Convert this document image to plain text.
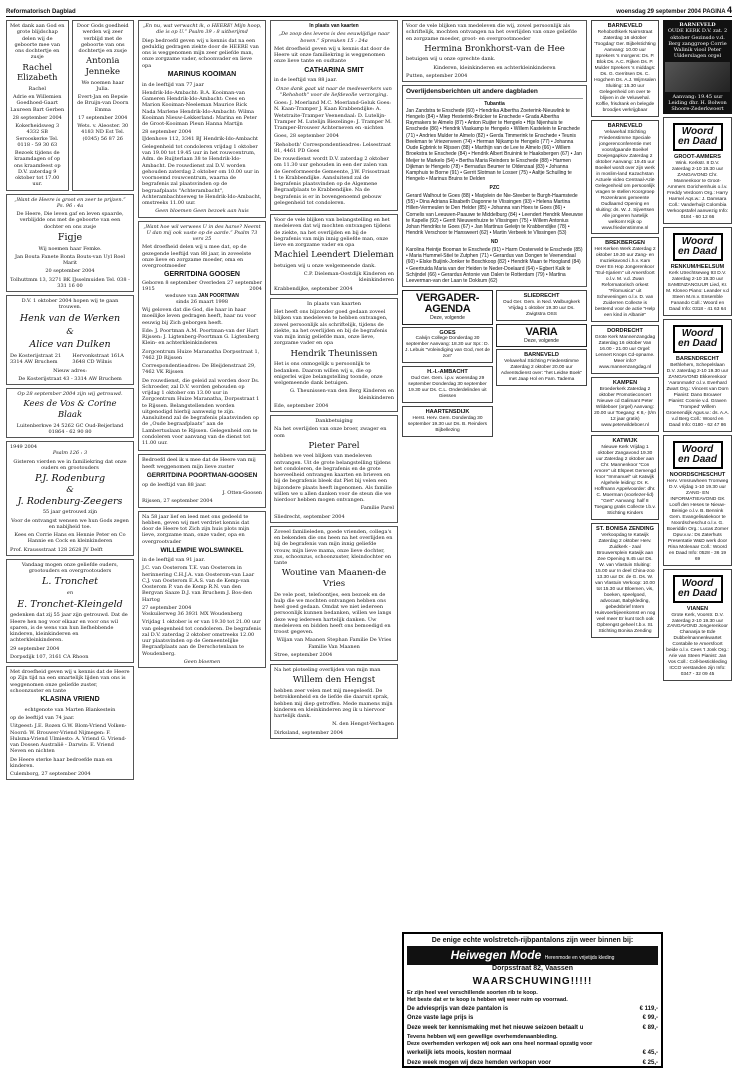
Reformatorisch Dagblad	woensdag 29 september 2004 PAGINA 4
Met dank aan God en grote blijdschap delen wij de geboorte mee van ons dochtertje en zusje
Rachel Elizabeth
Rachel
Adrie en Willemien Goedhoed-Gaart Laureen Bart Gerben
28 september 2004
Kokerheidsweg 3 4332 SB Serooskerke Tel. 0118 - 59 30 63
Bezoek tijdens de kraamdagen of op ons kraamfeest op D.V. zaterdag 9 oktober tot 17.00 uur.
Door Gods goedheid werden wij zeer verblijd met de geboorte van ons dochtertje en zusje
Antonia Jenneke
We noemen haar Julia.
Evert-Jan en Bepsie de Bruijn-van Doorn Emma
17 september 2004
Wets. v. Aleoster. 30 4183 ND Est Tel. (0345) 56 87 26
„Want de Heere is groot en zeer te prijzen.” Ps. 96 : 4a
De Heere, Die leven gaf en leven spaarde, verblijdde ons met de geboorte van een dochter en ons zusje
Figje
Wij noemen haar Femke.
Jan Bouta Fanete Bonta Bouts-van Uyl Roel Marit
20 september 2004
Tolhuttmm 13, 3271 BK IJsselmuiden Tel. 038 - 331 16 00
D.V. 1 oktober 2004 hopen wij te gaan trouwen.
Henk van de Werken
&
Alice van Dulken
De Kosterijstraat 21 3314 AW Bruchem
Hervonkstraat 161A 3648 CD Wilnis
Nieuw adres:
De Kosterijstraat 43 - 3314 AW Bruchem
Op 28 september 2004 zijn wij getrouwd.
Kees de Vos & Corine Blaak
Luitenberkwe 24 5262 GC Oud-Beijerland 01864 - 62 90 80
1949 2004
Psalm 126 : 3
Gisteren vierden we in familiekring dat onze ouders en grootouders
P.J. Rodenburg
&
J. Rodenburg-Zeegers
55 jaar getrouwd zijn
Voor de ontvangst wensen we hun Gods zegen en nabijheid toe.
Kees en Corrie Hans en Hennie Peter en Co Hannie en Cock en kleinkinderen
Prof. Kraussstraat 128 2628 JV Delft
Vandaag mogen onze geliefde ouders, grootouders en overgrootouders
L. Tronchet
en
E. Tronchet-Kleingeld
gedenken dat zij 55 jaar zijn getrouwd. Dat de Heere hen nog voor elkaar en voor ons wil sparen, is de wens van hun liefhebbende kinderen, kleinkinderen en achterkleinkinderen.
29 september 2004
Dorpsdijk 107, 3161 CA Rhoon
Met droefheid geven wij u kennis dat de Heere op Zijn tijd na een smartelijk lijden van ons is weggenomen onze geliefde zuster, schoonzuster en tante
KLASINA VRIEND
echtgenote van Marten Blankestein
op de leeftijd van 74 jaar.
Uitgeest: J.E. Rozen G.W. Blom-Vriend Volken-Noord: W. Brouwer-Vriend Nijmegen: F. Hulsma-Vriend Ulmiesto: A. Vriend G. Vriend-van Dossen Australië - Darwin: E. Vriend Neven en nichten
De Heere sterke haar bedroefde man en kinderen.
Culemborg, 27 september 2004
„En nu, wat verwacht ik, o HEERE! Mijn hoop, die is op U.” Psalm 39 : 8 uitberijmd
Diep bedroefd geven wij u kennis dat na een geduldig gedragen ziekte door de HEERE van ons is weggenomen mijn zeer geliefde man, onze zorgzame vader, schoonvader en lieve opa
MARINUS KOOIMAN
in de leeftijd van 77 jaar
Hendrik-Ido-Ambacht: B.A. Kooiman-van Gameren Hendrik-Ido-Ambacht: Cees en Marion Kooiman-Neeleman Maurice Rick Nada Marlene Hendrik-Ido-Ambacht: Wilma Kooiman Nieuw-Lekkerland: Marina en Peter de Groot-Kooiman Pleun Hanna Martijn
28 september 2004
IJdenhove 112, 3341 BJ Hendrik-Ido-Ambacht
Gelegenheid tot condoleren vrijdag 1 oktober van 19.00 tot 19.45 uur in het rouwcentrum, Adm. de Ruijterlaan 38 te Hendrik-Ido-Ambacht. De rouwdienst zal D.V. worden gehouden zaterdag 2 oktober om 10.00 uur in voornoemd rouwcentrum, waarna de begrafenis zal plaatsvinden op de begraafplaats "Achterambacht", Achterambachtseweg te Hendrik-Ido-Ambacht, omstreeks 11.00 uur.
Geen bloemen Geen bezoek aan huis
„Want hoe wil verwees U in des harse? Neemt U dan mij ook vaste op de aarde.” Psalm 73 vers 25
Met droefheid delen wij u mee dat, op de gezegende leeftijd van 88 jaar, in zoveelste onze lieve en zorgzame moeder, oma en overgrootmoeder
GERRITDINA GOOSEN
Geboren 8 september 1915
Overleden 27 september 2004
weduwe van JAN POORTMAN
sinds 26 maart 1998
Wij geloven dat die God, die haar in haar moeilijke leven gedragen heeft, haar nu voor eeuwig bij Zich geborgen heeft.
Ede: J. Poortman A.M. Poortman-van der Hart Rijssen: J. Ligtenberg-Poortman G. Ligtenberg Klein- en achterkleinkinderen
Zorgcentrum Huize Maranatha Dorpsstraat 1, 7462 JD Rijssen
Correspondentieadres: De Bleijdenstraat 29, 7462 VK Rijssen
De rouwdienst, die geleid zal worden door Ds. Schroeder, zal D.V. worden gehouden op vrijdag 1 oktober om 13.00 uur in Zorgcentrum Huize Maranatha, Dorpsstraat 1 te Rijssen. Belangstellenden worden uitgenodigd hierbij aanwezig te zijn. Aansluitend zal de begrafenis plaatsvinden op de „Oude begraafplaats” aan de Lambertuslaan te Rijssen. Gelegenheid om te condoleren voor aanvang van de dienst tot 11.00 uur.
Bedroefd deel ik u mee dat de Heere van mij heeft weggenomen mijn lieve zuster
GERRITDINA POORTMAN-GOOSEN
op de leeftijd van 88 jaar.
J. Otten-Goosen
Rijssen, 27 september 2004
Na 58 jaar lief en leed met ons gedeeld te hebben, geven wij met verdriet kennis dat door de Heere tot Zich zijn huis plots mijn lieve, zorgzame man, onze vader, opa en overgrootvader
WILLEMPIE WOLSWINKEL
in de leeftijd van 91 jaar.
J.C. van Oosterom T.E. van Oosterom in herinnering C.H.J.A. van Oosterom-van Laar C.J. van Oosterom E.A.S. van de Kemp-van Oosterom P. van de Kemp R.N. van den Bergvan Saaze D.J. van Bruchem J. Bos-den Hartog
27 september 2004
Voskuilerweg 36 3931 MX Woudenberg
Vrijdag 1 oktober is er van 19.30 tot 21.00 uur van gelegenheid tot condoleren. De begrafenis zal D.V. zaterdag 2 oktober omstreeks 12.00 uur plaatsvinden op de Gemeentelijke Begraafplaats aan de Derschotenlaan te Woudenberg.
Geen bloemen
In plaats van kaarten
„De zoop des levens is des eeuwlijdige naar boven.” Spreuken 15 : 24a
Met droefheid geven wij u kennis dat door de Heere uit onze familiekring is weggenomen onze lieve tante en oudtante
CATHARINA SMIT
in de leeftijd van 88 jaar.
Onze dank gaat uit naar de medewerkers van "Rehoboth" voor de liefdevolle verzorging.
Goes: J. Moerland M.C. Moerland-Geluk Goes: N. Kaan-Tramper J. Kaan Krabbendijke: A. Wetstraite-Tramper Veenendaal: D. Lutelijn-Tramper M. Lutelijn Biezelinge: J. Tramper M. Tramper-Brouwer Achterneven en -nichten
Goes, 28 september 2004
'Rehoboth' Correspondentieadres: Lelsestraat 81, 4461 PD Goes
De rouwdienst wordt D.V. zaterdag 2 oktober om 11.30 uur gehouden in een der zalen van de Gereformeerde Gemeente, J.W. Frisostraat 1 te Krabbendijke. Aansluitend zal de begrafenis plaatsvinden op de Algemene Begraafplaats te Krabbendijke. Na de begrafenis is er in bovengenoemd gebouw gelegenheid tot condoleren.
Voor de vele blijken van belangstelling en het medeleven dat wij mochten ontvangen tijdens de ziekte, na het overlijden en bij de begrafenis van mijn innig geliefde man, onze lieve en zorgzame vader en opa
Machiel Leendert Dieleman
betuigen wij u onze welgemeende dank.
C.P. Dieleman-Oostdijk Kinderen en kleinkinderen
Krabbendijke, september 2004
In plaats van kaarten
Het heeft ons bijzonder goed gedaan zoveel blijken van medeleven te hebben ontvangen, zowel persoonlijk als schriftelijk, tijdens de ziekte, na het overlijden en bij de begrafenis van mijn innig geliefde man, onze lieve, zorgzame vader en opa
Hendrik Theunissen
Het is ons onmogelijk u persoonlijk te bedanken. Daarom willen wij u, die op enigerlei wijze belangstelling toonde, onze welgemeende dank betuigen.
G. Theunissen-van den Berg Kinderen en kleinkinderen
Ede, september 2004
Dankbetuiging
Na het overlijden van onze broer, zwager en oom
Pieter Parel
hebben we veel blijken van medeleven ontvangen. Uit de grote belangstelling tijdens het condoleren, de begrafenis en de grote hoeveelheid ontvangen kaarten en brieven en bij de begrafenis bleek dat Piet bij velen een bijzondere plaats heeft ingenomen. Als familie willen we u allen danken voor de steun die we hierdoor hebben mogen ontvangen.
Familie Parel
Sliedrecht, september 2004
Zoveel familieleden, goede vrienden, collega's en bekenden die ons heen na het overlijden en bij de begrafenis van mijn innig geliefde vrouw, mijn lieve mama, onze lieve dochter, zus, schoonzus, schoonzuster, kleindochter en tante
Woutine van Maanen-de Vries
De vele post, telefoontjes, een bezoek en de hulp die we mochten ontvangen hebben ons heel goed gedaan. Omdat we niet iedereen persoonlijk kunnen bedanken, willen we langs deze weg iedereen hartelijk danken. Uw medeleven en bidden heeft ons bemoedigd en troost gegeven.
Wiljan van Maanen Stephan Familie De Vries Familie Van Maanen
Stree, september 2004
Na het plotseling overlijden van mijn man
Willem den Hengst
hebben zeer velen met mij meegeleefd. De betrokkenheid en de liefde die daaruit sprak, hebben mij diep getroffen. Mede mamens mijn kinderen en kleinkinderen zeg ik u hiervoor hartelijk dank.
N. den Hengst-Verhagen
Dirksland, september 2004
Voor de vele blijken van medeleven die wij, zowel persoonlijk als schriftelijk, mochten ontvangen na het overlijden van onze geliefde en zorgzame moeder, groot- en overgrootmoeder
Hermina Bronkhorst-van de Hee
betuigen wij u onze oprechte dank.
Kinderen, kleinkinderen en achterkleinkinderen
Putten, september 2004
Overlijdensberichten uit andere dagbladen
Tubantia
Jan Zandstra te Enschede (60) • Hendrika Albertha Zoeterink-Nieuwlink te Hengelo (84) • Miep Hesterink-Brücker te Enschede • Grada Albertha Raymakers te Almelo (87) • Anton Ruijter te Hengelo • Hijs Nijenhuis te Enschede (86) • Hendrik Vlaskamp te Hengelo • Willem Kastelein te Enschede (71) • Andries Mulder te Almelo (82) • Gerda Timmerink te Enschede • Teunis Beekman te Vriezenveen (74) • Herman Nijkamp te Hengelo (77) • Johanna Oude Egbrink te Rijssen (88) • Marthijn van de Lee te Almelo (66) • Willem Broekstra te Enschede (84) • Hendrik Albert Bruinink te Haaksbergen (67) • Jan Meijer te Markelo (54) • Bertha Maria Reinders te Enschede (88) • Harmen Dijkman te Hengelo (78) • Bernadus Beumer te Oldenzaal (83) • Johanna Kamphuis te Borne (91) • Gerrit Slotman te Losser (75) • Aaltje Schuiling te Hengelo • Marinus Bruins te Delden
PZC
Gerard Walhout te Goes (88) • Marjolein de Nie-Steeber te Burgh-Haamstede (55) • Dina Adriana Elisabeth Dagonne te Vlissingen (93) • Helena Martina Hillen-Vermeulen te Den Helder (85) • Johanna van Hoes te Goes (86) • Cornelis van Leeuwen-Paauwe te Middelburg (84) • Leendert Hendrik Meeuwse te Kapelle (92) • Gerrit Nieuwenhuize te Vlissingen (75) • Willem Antonius Johan Hendriks te Goes (67) • Jan Martinus Geleijn te Krabbendijke (78) • Hendrik Verschoor te Hansweert (62) • Martin Verbeek te Vlissingen (53)
ND
Karolina Heintje Booman te Enschede (91) • Harm Oosterveld te Enschede (85) • Maria Hummel-Stiel te Zutphen (71) • Gerardus van Dongen te Veenendaal (60) • Elske Buijink-Jonker te Boschkoop (82) • Hendrik Maan te Hoogland (84) • Geertruida Maria van der Heiden te Neder-Doelaard (64) • Egbert Kalk te Schijndel (66) • Gerardus Antonie van Dalen te Rotterdam (79) • Martina Leeverman-van der Laan te Dokkum (62)
VERGADER-AGENDA
Deze, volgende
GOES
Calvijn College Donderdag 30 september Aanvang: 18.30 uur Spr.: D. J. Lebuis "Voleindiging van God, met de zon"
H.-I.-AMBACHT
Oud Ger. Gem. i.p.v. woensdag 29 september Donderdag 30 september 19.30 uur Ds. C.L. Onderdelinden uit Giessen
HAARTENSDIJK
Herst. Herv. Gem. Donderdag 30 september 19.30 uur Ds. B. Reinders Bijbellezing
SLIEDRECHT
Oud Ger. Gem. in Ned. Walburgkerk Vrijdag 1 oktober 19.30 uur Ds. Zwigtstra OSS
VARIA
Deze, volgende
BARNEVELD
Veluwehal Stichting Friedenstimme Zaterdag 2 oktober 20.00 uur Adventsdienst over: "het Leidse Boek" met Jaap Hol en Fam. Tadema
BARNEVELD
Rehobothkerk Nairnstraat Zaterdag 16 oktober 'Toogdag' Ger. Bijbelstichting Aanvang: 10.00 uur Sprekers 's morgens: Ds. P. Blok Ds. A.C. Rijken Ds. P. Mulder Sprekers 's middags: Ds. G. Gerritsen Ds. C. Hogchem Ds. A.J. Wijmsalen Sluiting: 15.30 uur Gelegenheid om over te blijven in de Veluwehal. Koffie, frisdrank en belegde broodjes verkrijgbaar
BARNEVELD
Veluwehal Stichting Friedenstimme Speciale jongerenconferentie met voorafgaande Boeikel Doejesgapkov Zaterdag 2 oktober Aanvang: 19.45 uur Boeikel wordt over zijn werk in moslim-land Kazachstan Actuele video Centraal-Azië Gelegenheid om persoonlijk vragen te stellen Koorgroep Rozenkrans gemeente Oudlaamd Opening en sluiting: ds. W. J. Sijvertsen Alle jongeren hartelijk welkom! Kijk op www.friedenstimme.nl
BREKBERGEN
Het Kerken Werk Zaterdag 2 oktober 19.30 uur Zang- en muziekavond i.h.v. Kam Over En Hop Jongerenkoor "Eul-Sjariem" uit Amersfoort o.l.v. M. v.d. Zwan Reformatorisch orkest "Filomusica" uit Scheveningen o.l.v. D. van Zuiderren Collecte is bestemd voor de actie "Help een kind in Albanië"
DORDRECHT
Grote Kerk Mannenzangdag Zaterdag 16 oktober Van 16.00 - 21.00 uur Orgel: Lennert Knops Cd-opname. Meer info? www.mannenzangdag.nl
KAMPEN
Broederkerk Zaterdag 2 oktober Promotieconcert Nieuwe cd Galimant Peter Wildeboer (orgel) Aanvang: 20.00 uur Toegang: € 8,- (t/m 12 jaar gratis) www.peterwildeboer.nl
KATWIJK
Nieuwe Kerk Vrijdag 1 oktober Zangavond 19.30 uur Zaterdag 2 oktober aan Chr. Mannenkoor "Con Amore" uit Elspeet Gemengd koor "Immanuel" uit Katwijk Algehele leiding: Dr. K. Hoffmann Appelvoorder: dhr. C. Moerman (voorlezer-lid) "Gert" Aanvang: half 8 Toegang gratis Collecte t.b.v. Stichting Kinders
ST. BONISA ZENDING
Verkoopdag te Katwijk Zaterdag 2 oktober Herv. Zuidkerk - zaal Brouwersplein Katwijk aan Zee Opening 9.45 uur Ds. W. van Vlastuin Sluiting: 15.00 uur In deel China-zoo 13.30 uur Dr. de G. Ds. W. van Vlastuin Verkoop: 10.00 tot 15.30 uur Bloemen, vis, boeken, speelgoed, advocaat, Babykleding, gebedsbrief Intern Huisvoerbijeenkomst en nog veel meer Er kunt toch ook Opbrengst geheel t.b.v. St. Stichting Bonisa Zending
BARNEVELD
OUDE KERK D.V. zat. 2 oktober Gezinsdo v.d. Berg zanggroep Corrie Walinik viool Peter Uilderslagen orgel
Aanvang: 19.45 uur Leiding dhr. H. Bolwon Shoore-Zederkwoert
Woord en Daad
GROOT-AMMERS
Wink. Kerkstr. 8 D.V. zaterdag 2-10 19.30 uur ZANGAVOND Chr. Mannenkoor te Groot-Ammers Gorichemhuis o.l.v. Freddy Verdoorn Org.: Harry Harmel Aqs.w.: J. Damsara Coll.: Vanderhuijt Colombia Verkoopstafel aanwezig Info: 0184 - 60 12 66
Woord en Daad
RENKUM/HEELSUM
Kerk Utrechtseweg 93 D.V. zaterdag 2-10 19.30 uur SAMENZANGUUR Lied, Kr. M. Kloneo Piano: Leander v.d Steen M.m.v. Ensemble Fanando Coll.: Woord en Daad Info: 0318 - 41 63 64
Woord en Daad
BARENDRECHT
Bethlehem, Schepelslaan D.V. zaterdag 2-10 19.30 uur ZANGAVOND Ekkerenkoor 'Aaronmarkt' o.l.v. Everhard Zwart Org.: Vincent van Dorn Pianist: Dano Brouwer Pianist: Connie v.d. Graven 'Tromped' Willem Groenendijk Agus.w.: ds. A.A. v.d Berg Coll.: Woord en Daad Info: 0180 - 62 47 86
Woord en Daad
NOORDSCHESCHUT
Herv. Vmsruwheen Tromweg D.V. vrijdag 1-10 19.30 uur ZANG- EN INFORMATIEAVOND GK Loofl den Heses te Nieuw-Beinige o.l.v. B. Bennink Gem. Evangelisatiekoor te Noordscheschut o.l.v. G. Boeriddin Org.: Lucas Zomer Dpw.v.w.: Ds Zaterhuts Presentatie W&D werk door Rina Molenaar Coll.: Woord en Daad Info: 0528 - 36 19 69
Woord en Daad
VIANEN
Grote Kerk, Voorstr. D.V. zaterdag 2-10 19.30 uur ZANGAVOND Jongerenkoor Chananja te Ede Dubbelmannenkwartet Contabile te Amersfoort beide o.l.v. Cees 't Jonk Org.: Arie van Steen Pianist: Jan Vos Coll.: Coll-bestickleding ICCO verstanden zijn Info: 0347 - 32 09 45
De enige echte wolstretch-rijbpantalons zijn weer binnen bij:
Heiwegen Mode Herenmode en vrijetijds kleding
Dorpsstraat 82, Vaassen
WAARSCHUWING!!!!!
Er zijn heel veel verschillende soorten rib te koop.
Het beste dat er te koop is hebben wij weer ruim op voorraad.
De adviesprijs van deze pantalon is	€ 119,-
Onze vaste lage prijs is	€ 99,-
Deze week ter kennismaking met het nieuwe seizoen betaalt u	€ 89,-
Tevens hebben wij een gewellige overhemdenaanbieding.
Deze overhemden verkopen wij ook aan ons heel normaal opzatig voor
werkelijk iets moois, kosten normaal	€ 45,-
Deze week mogen wij deze hemden verkopen voor	€ 25,-
